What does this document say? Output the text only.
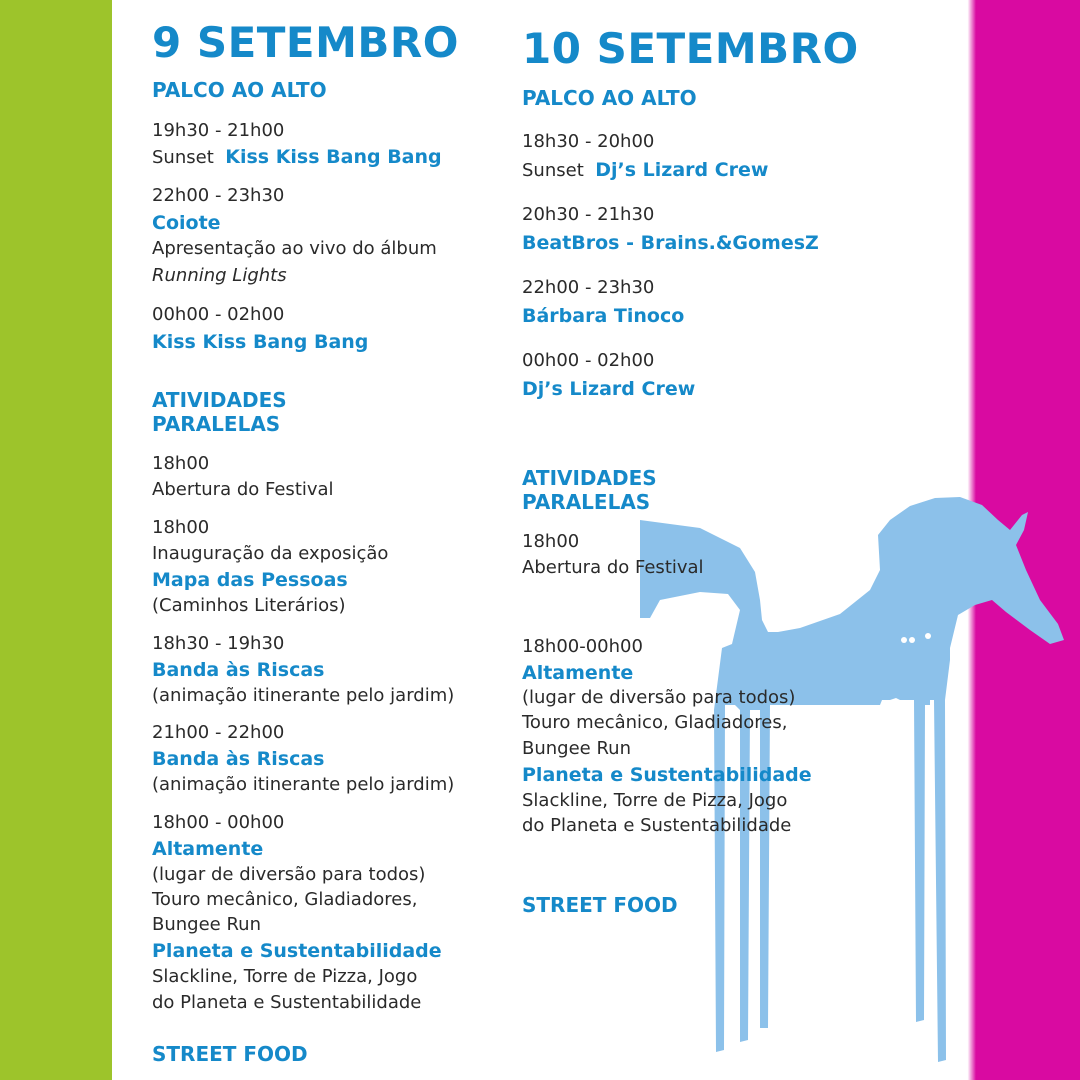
9 SETEMBRO
PALCO AO ALTO
19h30 - 21h00
Sunset Kiss Kiss Bang Bang
22h00 - 23h30
Coiote
Apresentação ao vivo do álbum
Running Lights
00h00 - 02h00
Kiss Kiss Bang Bang
ATIVIDADES
PARALELAS
18h00
Abertura do Festival
18h00
Inauguração da exposição
Mapa das Pessoas
(Caminhos Literários)
18h30 - 19h30
Banda às Riscas
(animação itinerante pelo jardim)
21h00 - 22h00
Banda às Riscas
(animação itinerante pelo jardim)
18h00 - 00h00
Altamente
(lugar de diversão para todos)
Touro mecânico, Gladiadores,
Bungee Run
Planeta e Sustentabilidade
Slackline, Torre de Pizza, Jogo
do Planeta e Sustentabilidade
STREET FOOD
10 SETEMBRO
PALCO AO ALTO
18h30 - 20h00
Sunset Dj’s Lizard Crew
20h30 - 21h30
BeatBros - Brains.&GomesZ
22h00 - 23h30
Bárbara Tinoco
00h00 - 02h00
Dj’s Lizard Crew
ATIVIDADES
PARALELAS
18h00
Abertura do Festival
18h00-00h00
Altamente
(lugar de diversão para todos)
Touro mecânico, Gladiadores,
Bungee Run
Planeta e Sustentabilidade
Slackline, Torre de Pizza, Jogo
do Planeta e Sustentabilidade
STREET FOOD
